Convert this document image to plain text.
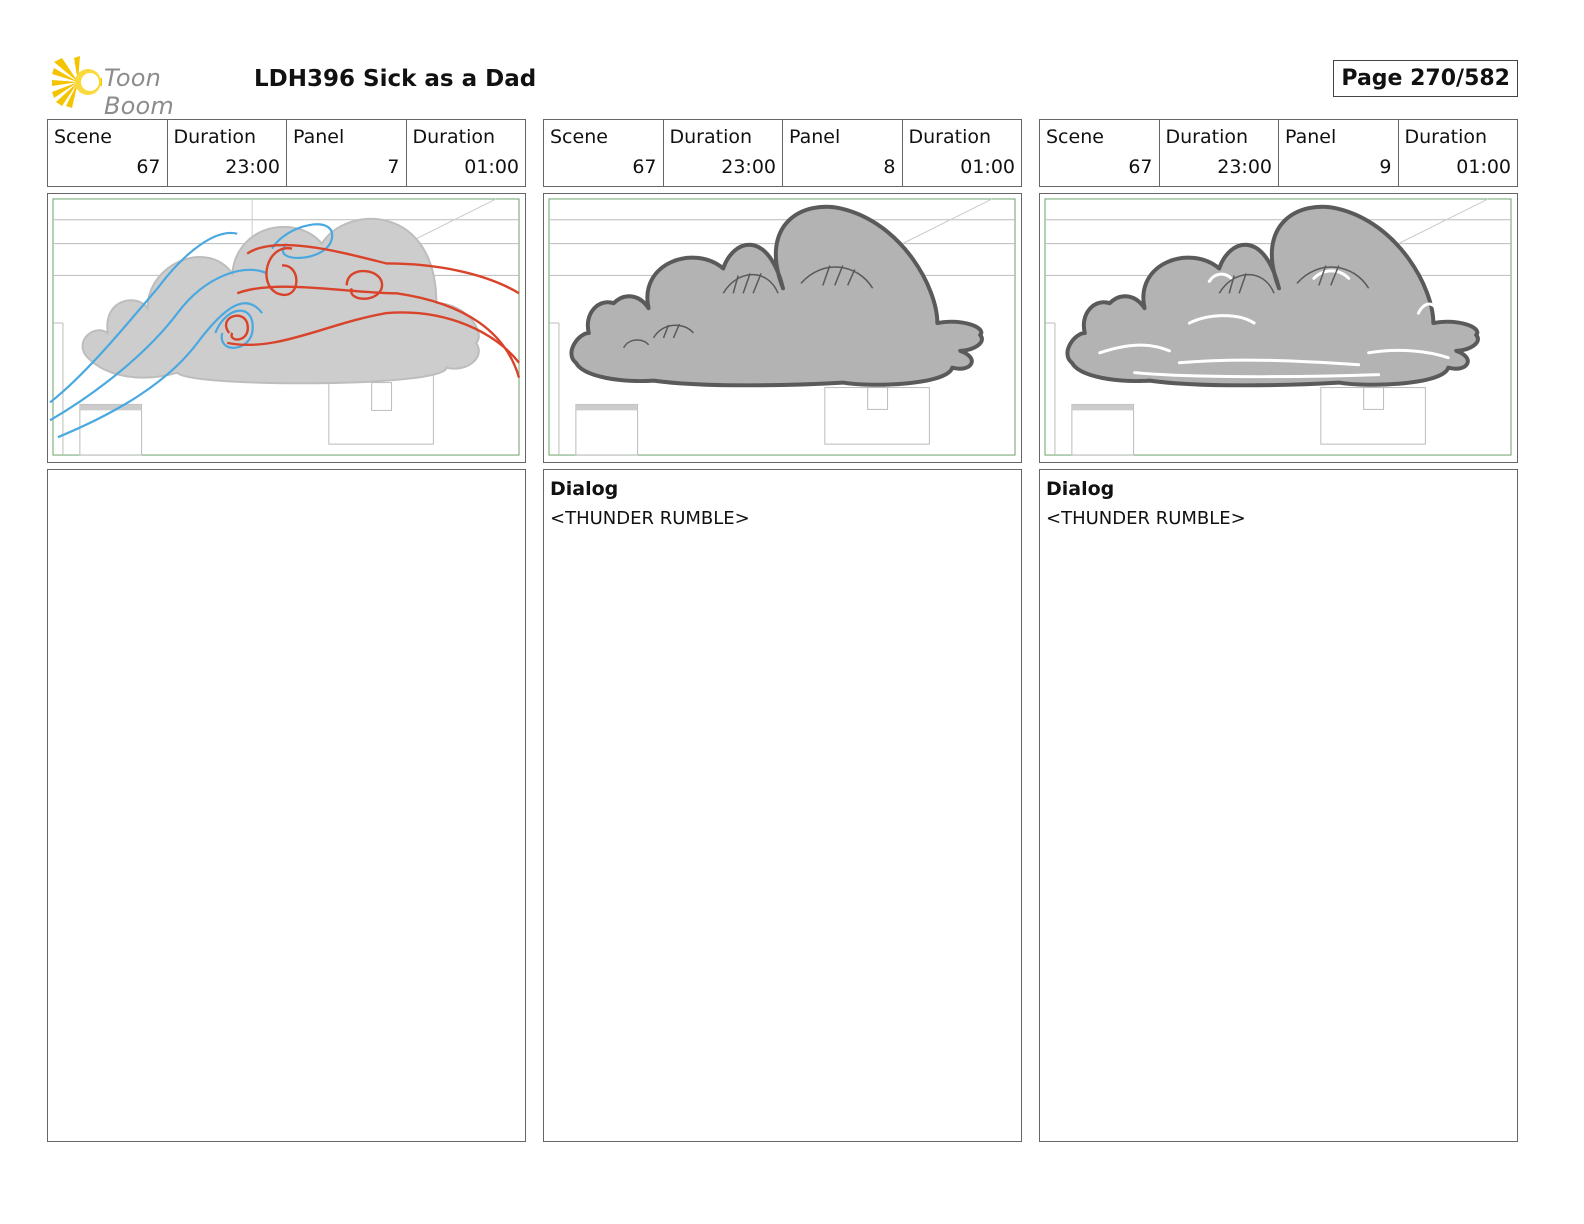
Toon Boom
LDH396 Sick as a Dad	Page 270/582
Scene
67
Duration
23:00
Panel
7
Duration
01:00
Scene
67
Duration
23:00
Panel
8
Duration
01:00
Dialog
<THUNDER RUMBLE>
Scene
67
Duration
23:00
Panel
9
Duration
01:00
Dialog
<THUNDER RUMBLE>
